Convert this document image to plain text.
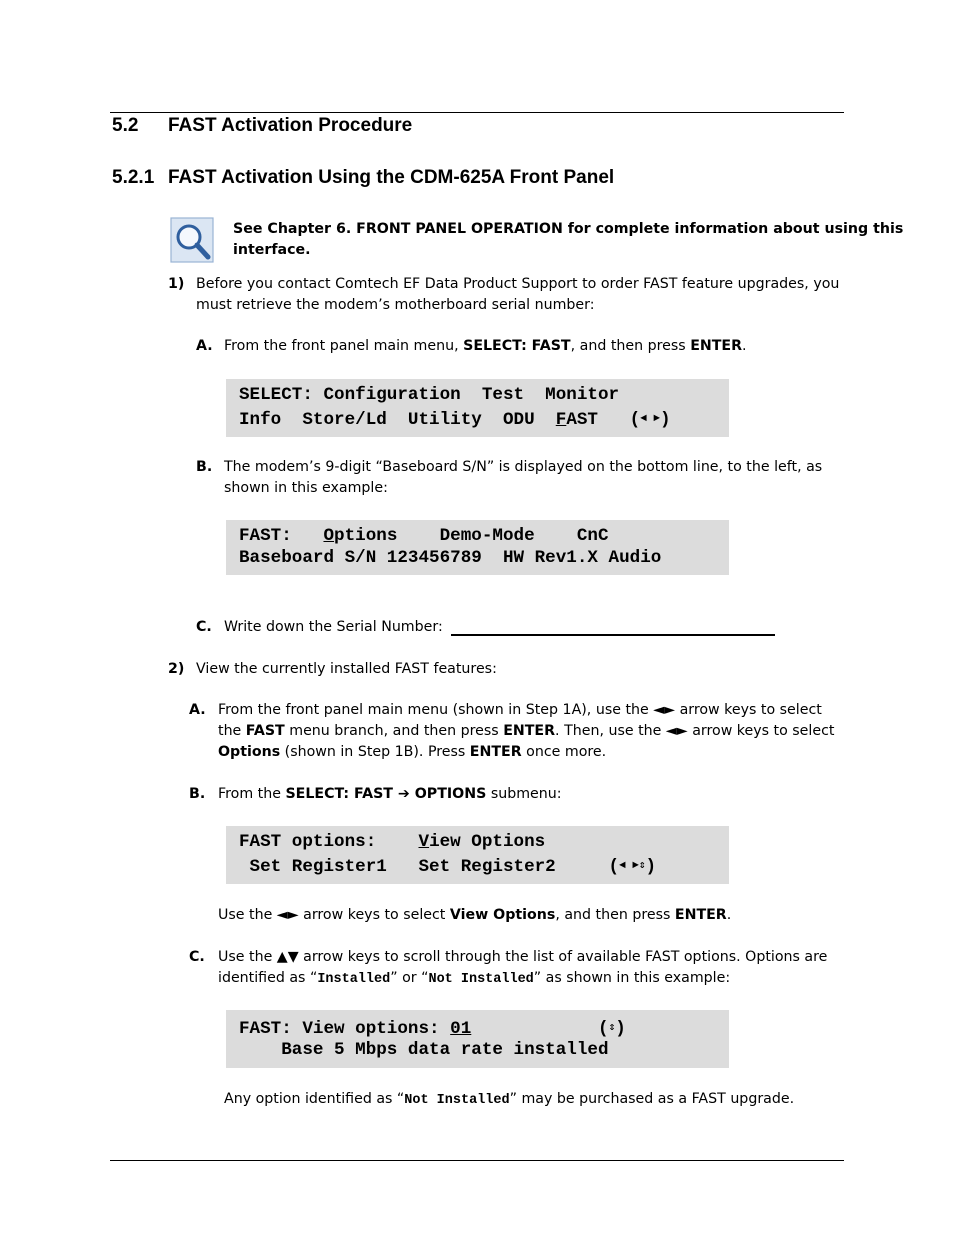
5.2 FAST Activation Procedure
5.2.1 FAST Activation Using the CDM-625A Front Panel
See Chapter 6. FRONT PANEL OPERATION for complete information about using this
interface.
1) Before you contact Comtech EF Data Product Support to order FAST feature upgrades, you
must retrieve the modem’s motherboard serial number:
A. From the front panel main menu, SELECT: FAST, and then press ENTER.
SELECT: Configuration  Test  Monitor
Info  Store/Ld  Utility  ODU  FAST   (◄ ►)
B. The modem’s 9-digit “Baseboard S/N” is displayed on the bottom line, to the left, as
shown in this example:
FAST:   Options    Demo-Mode    CnC
Baseboard S/N 123456789  HW Rev1.X Audio
C. Write down the Serial Number:
2) View the currently installed FAST features:
A. From the front panel main menu (shown in Step 1A), use the ◄► arrow keys to select
the FAST menu branch, and then press ENTER. Then, use the ◄► arrow keys to select
Options (shown in Step 1B). Press ENTER once more.
B. From the SELECT: FAST ➔ OPTIONS submenu:
FAST options:    View Options
Set Register1   Set Register2     (◄ ►⇕)
Use the ◄► arrow keys to select View Options, and then press ENTER.
C. Use the ▲▼ arrow keys to scroll through the list of available FAST options. Options are
identified as “Installed” or “Not Installed” as shown in this example:
FAST: View options: 01            (⇕)
Base 5 Mbps data rate installed
Any option identified as “Not Installed” may be purchased as a FAST upgrade.
